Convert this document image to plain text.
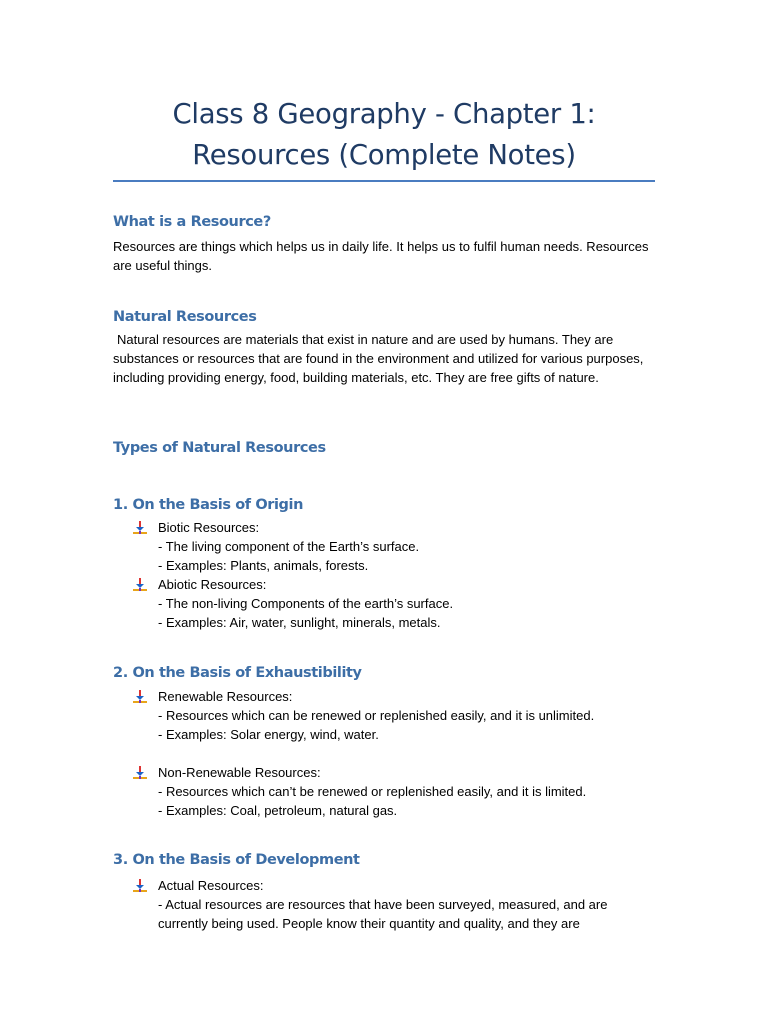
Class 8 Geography - Chapter 1:
Resources (Complete Notes)
What is a Resource?

Resources are things which helps us in daily life. It helps us to fulfil human needs. Resources are useful things.

Natural Resources

Natural resources are materials that exist in nature and are used by humans. They are substances or resources that are found in the environment and utilized for various purposes, including providing energy, food, building materials, etc. They are free gifts of nature.

Types of Natural Resources
1. On the Basis of Origin
Biotic Resources:
- The living component of the Earth’s surface.
- Examples: Plants, animals, forests.
Abiotic Resources:
- The non-living Components of the earth’s surface.
- Examples: Air, water, sunlight, minerals, metals.
2. On the Basis of Exhaustibility
Renewable Resources:
- Resources which can be renewed or replenished easily, and it is unlimited.
- Examples: Solar energy, wind, water.
Non-Renewable Resources:
- Resources which can’t be renewed or replenished easily, and it is limited.
- Examples: Coal, petroleum, natural gas.
3. On the Basis of Development
Actual Resources:
- Actual resources are resources that have been surveyed, measured, and are currently being used. People know their quantity and quality, and they are
